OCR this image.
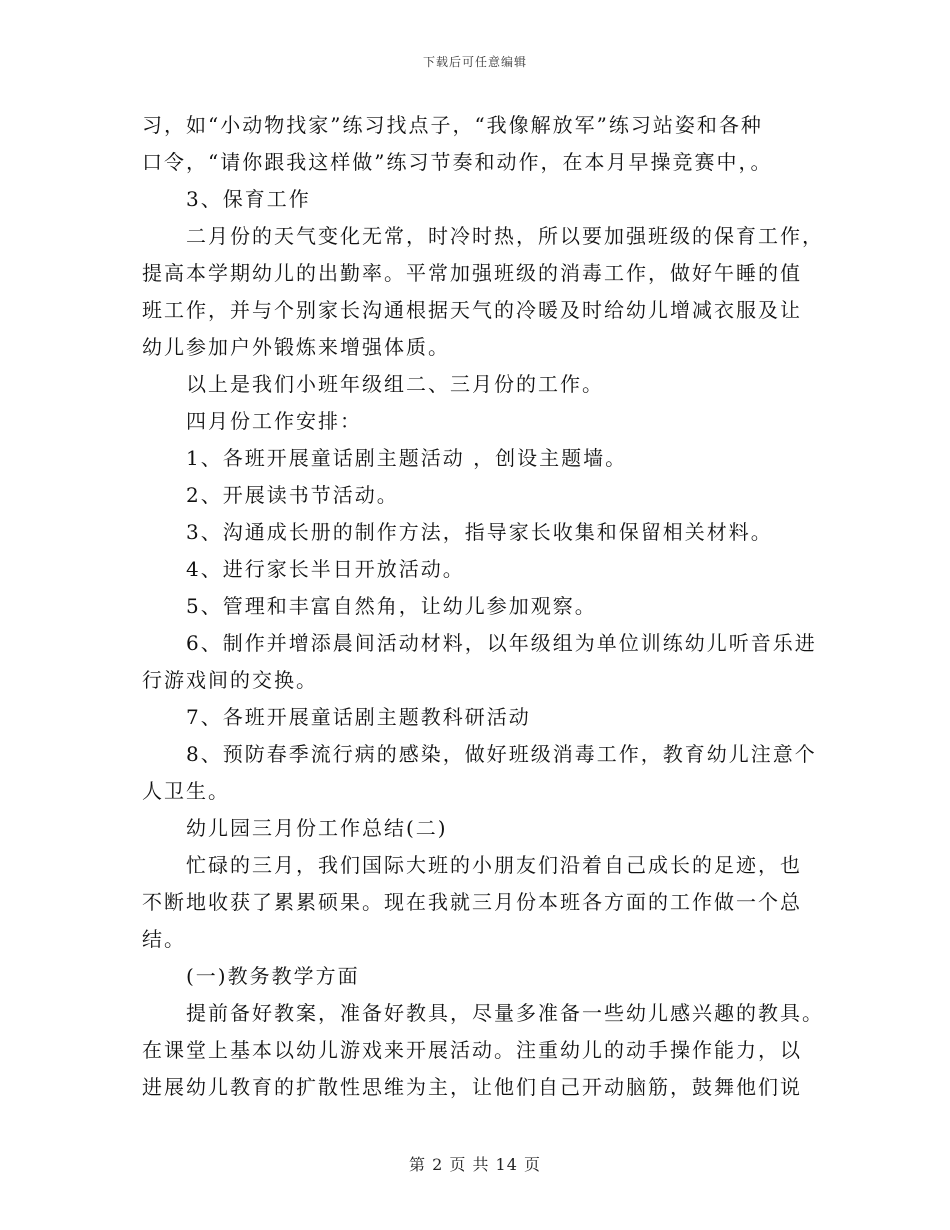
下载后可任意编辑
习，如“小动物找家”练习找点子，“我像解放军”练习站姿和各种
口令，“请你跟我这样做”练习节奏和动作，在本月早操竞赛中，。
3、保育工作
二月份的天气变化无常，时冷时热，所以要加强班级的保育工作，
提高本学期幼儿的出勤率。平常加强班级的消毒工作，做好午睡的值
班工作，并与个别家长沟通根据天气的冷暖及时给幼儿增减衣服及让
幼儿参加户外锻炼来增强体质。
以上是我们小班年级组二、三月份的工作。
四月份工作安排：
1、各班开展童话剧主题活动 ，创设主题墙。
2、开展读书节活动。
3、沟通成长册的制作方法，指导家长收集和保留相关材料。
4、进行家长半日开放活动。
5、管理和丰富自然角，让幼儿参加观察。
6、制作并增添晨间活动材料，以年级组为单位训练幼儿听音乐进
行游戏间的交换。
7、各班开展童话剧主题教科研活动
8、预防春季流行病的感染，做好班级消毒工作，教育幼儿注意个
人卫生。
幼儿园三月份工作总结(二)
忙碌的三月，我们国际大班的小朋友们沿着自己成长的足迹，也
不断地收获了累累硕果。现在我就三月份本班各方面的工作做一个总
结。
(一)教务教学方面
提前备好教案，准备好教具，尽量多准备一些幼儿感兴趣的教具。
在课堂上基本以幼儿游戏来开展活动。注重幼儿的动手操作能力，以
进展幼儿教育的扩散性思维为主，让他们自己开动脑筋，鼓舞他们说
第 2 页 共 14 页
